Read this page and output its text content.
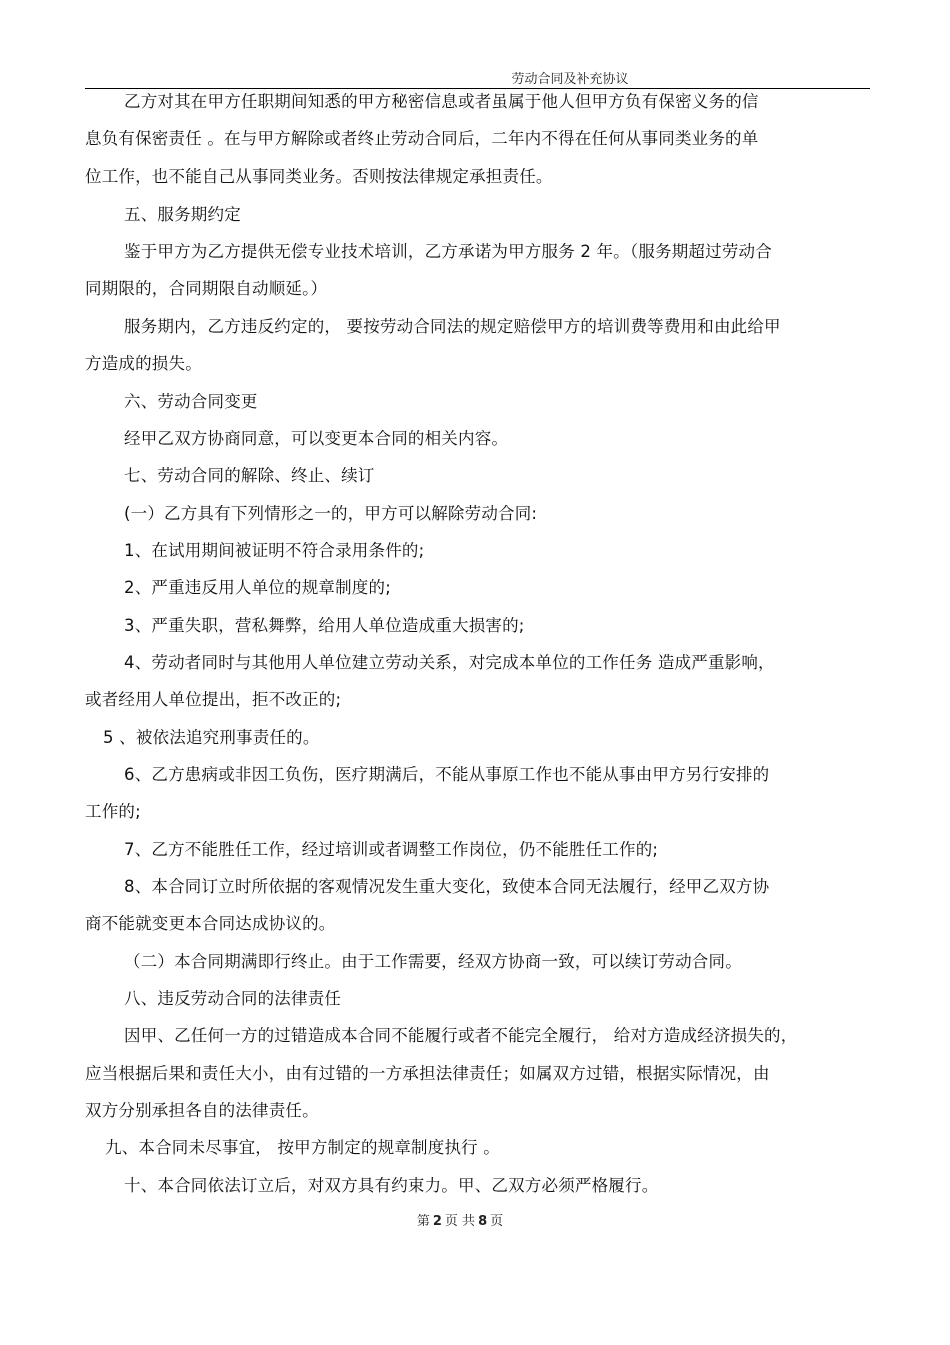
劳动合同及补充协议
乙方对其在甲方任职期间知悉的甲方秘密信息或者虽属于他人但甲方负有保密义务的信
息负有保密责任 。在与甲方解除或者终止劳动合同后，二年内不得在任何从事同类业务的单
位工作，也不能自己从事同类业务。否则按法律规定承担责任。
五、服务期约定
鉴于甲方为乙方提供无偿专业技术培训，乙方承诺为甲方服务 2 年。（服务期超过劳动合
同期限的，合同期限自动顺延。）
服务期内，乙方违反约定的， 要按劳动合同法的规定赔偿甲方的培训费等费用和由此给甲
方造成的损失。
六、劳动合同变更
经甲乙双方协商同意，可以变更本合同的相关内容。
七、劳动合同的解除、终止、续订
(一）乙方具有下列情形之一的，甲方可以解除劳动合同:
1、在试用期间被证明不符合录用条件的;
2、严重违反用人单位的规章制度的;
3、严重失职，营私舞弊，给用人单位造成重大损害的;
4、劳动者同时与其他用人单位建立劳动关系，对完成本单位的工作任务 造成严重影响，
或者经用人单位提出，拒不改正的;
5 、被依法追究刑事责任的。
6、乙方患病或非因工负伤，医疗期满后，不能从事原工作也不能从事由甲方另行安排的
工作的;
7、乙方不能胜任工作，经过培训或者调整工作岗位，仍不能胜任工作的;
8、本合同订立时所依据的客观情况发生重大变化，致使本合同无法履行，经甲乙双方协
商不能就变更本合同达成协议的。
（二）本合同期满即行终止。由于工作需要，经双方协商一致，可以续订劳动合同。
八、违反劳动合同的法律责任
因甲、乙任何一方的过错造成本合同不能履行或者不能完全履行， 给对方造成经济损失的，
应当根据后果和责任大小，由有过错的一方承担法律责任；如属双方过错，根据实际情况，由
双方分别承担各自的法律责任。
九、本合同未尽事宜， 按甲方制定的规章制度执行 。
十、本合同依法订立后，对双方具有约束力。甲、乙双方必须严格履行。
第 2 页 共 8 页
